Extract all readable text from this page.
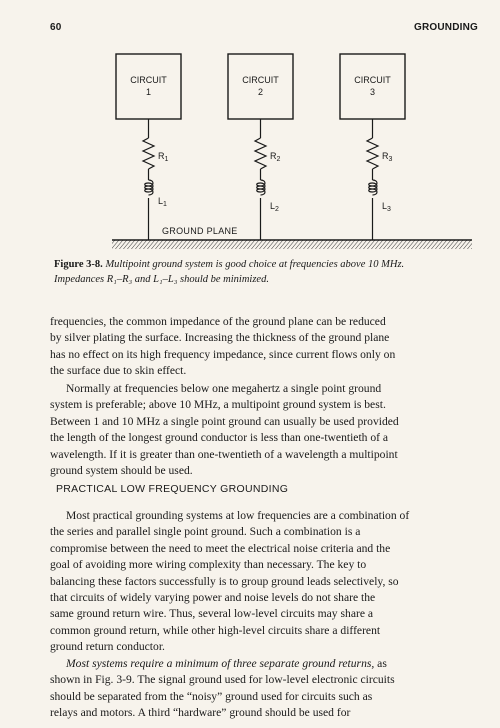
60	GROUNDING
CIRCUIT
1
$R_1$
$L_1$
CIRCUIT
2
$R_2$
$L_2$
CIRCUIT
3
$R_3$
$L_3$
GROUND PLANE
Figure 3-8. Multipoint ground system is good choice at frequencies above 10 MHz.
Impedances R₁–R₃ and L₁–L₃ should be minimized.
frequencies, the common impedance of the ground plane can be reduced
by silver plating the surface. Increasing the thickness of the ground plane
has no effect on its high frequency impedance, since current flows only on
the surface due to skin effect.
Normally at frequencies below one megahertz a single point ground
system is preferable; above 10 MHz, a multipoint ground system is best.
Between 1 and 10 MHz a single point ground can usually be used provided
the length of the longest ground conductor is less than one-twentieth of a
wavelength. If it is greater than one-twentieth of a wavelength a multipoint
ground system should be used.
PRACTICAL LOW FREQUENCY GROUNDING
Most practical grounding systems at low frequencies are a combination of
the series and parallel single point ground. Such a combination is a
compromise between the need to meet the electrical noise criteria and the
goal of avoiding more wiring complexity than necessary. The key to
balancing these factors successfully is to group ground leads selectively, so
that circuits of widely varying power and noise levels do not share the
same ground return wire. Thus, several low-level circuits may share a
common ground return, while other high-level circuits share a different
ground return conductor.
Most systems require a minimum of three separate ground returns, as
shown in Fig. 3-9. The signal ground used for low-level electronic circuits
should be separated from the “noisy” ground used for circuits such as
relays and motors. A third “hardware” ground should be used for
